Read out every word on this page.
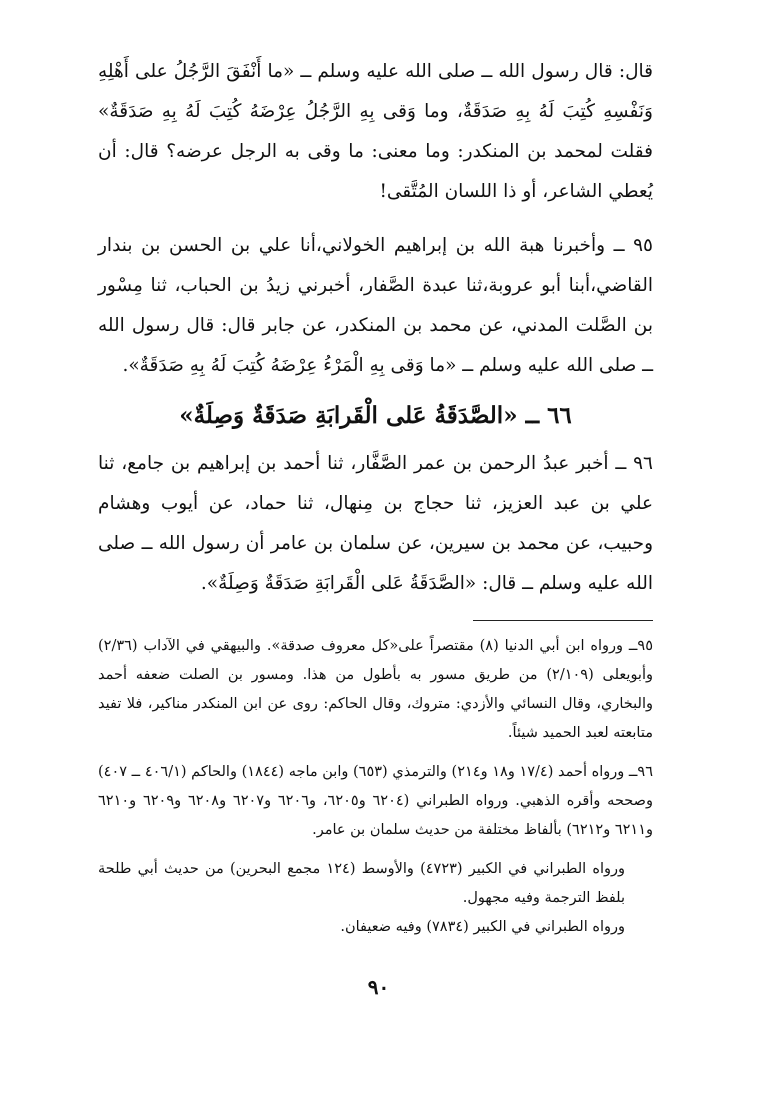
قال: قال رسول الله ــ صلى الله عليه وسلم ــ «ما أَنْفَقَ الرَّجُلُ على أَهْلِهِ وَنَفْسِهِ كُتِبَ لَهُ بِهِ صَدَقَةٌ، وما وَقى بِهِ الرَّجُلُ عِرْضَهُ كُتِبَ لَهُ بِهِ صَدَقَةٌ» فقلت لمحمد بن المنكدر: وما معنى: ما وقى به الرجل عرضه؟ قال: أن يُعطي الشاعر، أو ذا اللسان المُتَّقى!

٩٥ ــ وأخبرنا هبة الله بن إبراهيم الخولاني،أنا علي بن الحسن بن بندار القاضي،أبنا أبو عروبة،ثنا عبدة الصَّفار، أخبرني زيدُ بن الحباب، ثنا مِسْور بن الصَّلت المدني، عن محمد بن المنكدر، عن جابر قال: قال رسول الله ــ صلى الله عليه وسلم ــ «ما وَقى بِهِ الْمَرْءُ عِرْضَهُ كُتِبَ لَهُ بِهِ صَدَقَةٌ».

٦٦ ــ «الصَّدَقَةُ عَلى الْقَرابَةِ صَدَقَةٌ وَصِلَةٌ»

٩٦ ــ أخبر عبدُ الرحمن بن عمر الصَّفَّار، ثنا أحمد بن إبراهيم بن جامع، ثنا علي بن عبد العزيز، ثنا حجاج بن مِنهال، ثنا حماد، عن أيوب وهشام وحبيب، عن محمد بن سيرين، عن سلمان بن عامر أن رسول الله ــ صلى الله عليه وسلم ــ قال: «الصَّدَقَةُ عَلى الْقَرابَةِ صَدَقَةٌ وَصِلَةٌ».

٩٥ــ ورواه ابن أبي الدنيا (٨) مقتصراً على«كل معروف صدقة». والبيهقي في الآداب (٢/٣٦) وأبويعلى (٢/١٠٩) من طريق مسور به بأطول من هذا. ومسور بن الصلت ضعفه أحمد والبخاري، وقال النسائي والأزدي: متروك، وقال الحاكم: روى عن ابن المنكدر مناكير، فلا تفيد متابعته لعبد الحميد شيئاً.

٩٦ــ ورواه أحمد (١٧/٤ و١٨ و٢١٤) والترمذي (٦٥٣) وابن ماجه (١٨٤٤) والحاكم (٤٠٦/١ ــ ٤٠٧) وصححه وأقره الذهبي. ورواه الطبراني (٦٢٠٤ و٦٢٠٥، و٦٢٠٦ و٦٢٠٧ و٦٢٠٨ و٦٢٠٩ و٦٢١٠ و٦٢١١ و٦٢١٢) بألفاظ مختلفة من حديث سلمان بن عامر.

ورواه الطبراني في الكبير (٤٧٢٣) والأوسط (١٢٤ مجمع البحرين) من حديث أبي طلحة بلفظ الترجمة وفيه مجهول.

ورواه الطبراني في الكبير (٧٨٣٤) وفيه ضعيفان.

٩٠
